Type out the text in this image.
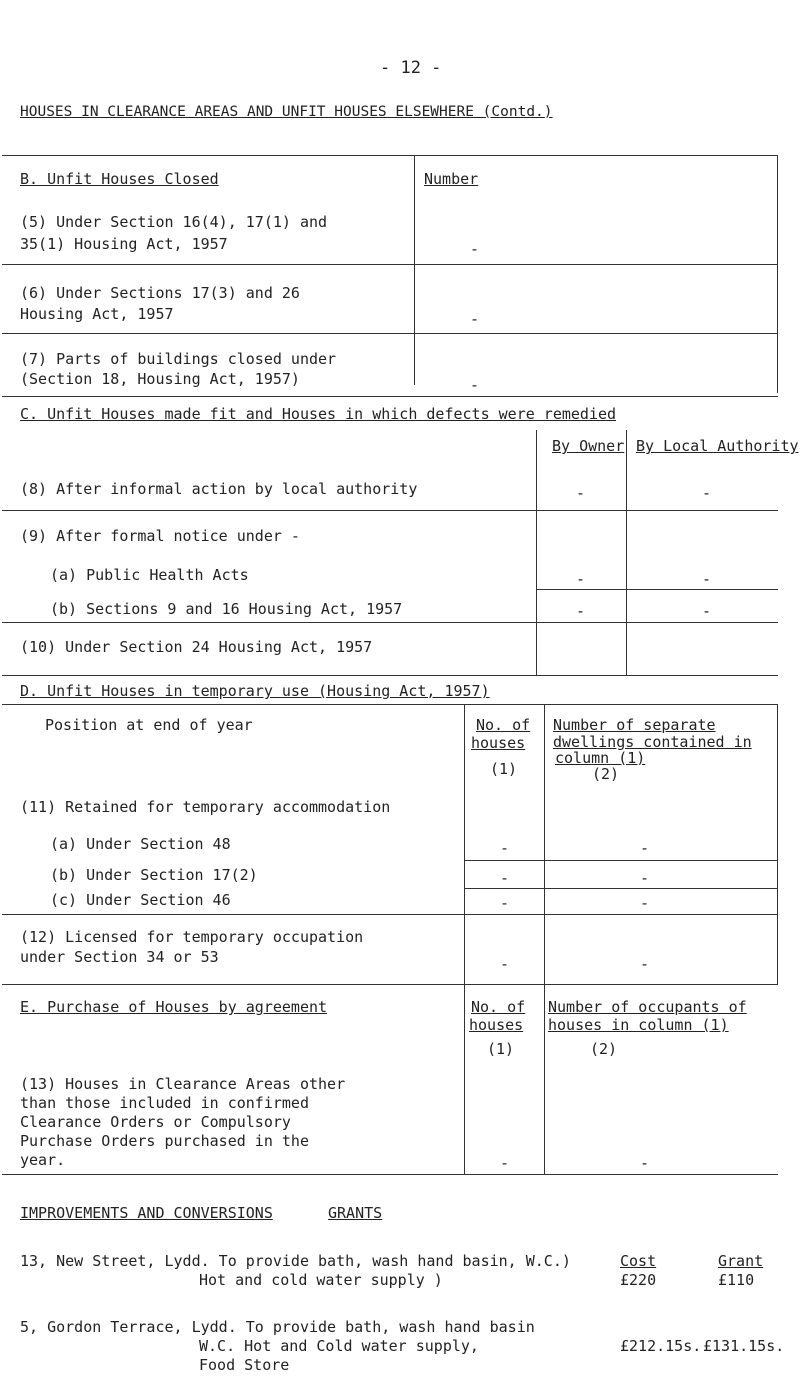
- 12 -
HOUSES IN CLEARANCE AREAS AND UNFIT HOUSES ELSEWHERE (Contd.)
B. Unfit Houses Closed	Number
(5) Under Section 16(4), 17(1) and
35(1) Housing Act, 1957	-
(6) Under Sections 17(3) and 26
Housing Act, 1957	-
(7) Parts of buildings closed under
(Section 18, Housing Act, 1957)	-
C. Unfit Houses made fit and Houses in which defects were remedied
By Owner By Local Authority
(8) After informal action by local authority	-	-
(9) After formal notice under -
(a) Public Health Acts	-	-
(b) Sections 9 and 16 Housing Act, 1957	-	-
(10) Under Section 24 Housing Act, 1957
D. Unfit Houses in temporary use (Housing Act, 1957)
Position at end of year	No. of
houses
(1)
Number of separate
dwellings contained in
column (1)
(2)
(11) Retained for temporary accommodation
(a) Under Section 48	-	-
(b) Under Section 17(2)	-	-
(c) Under Section 46	-	-
(12) Licensed for temporary occupation
under Section 34 or 53	-	-
E. Purchase of Houses by agreement	No. of
houses
(1)
Number of occupants of
houses in column (1)
(2)
(13) Houses in Clearance Areas other
than those included in confirmed
Clearance Orders or Compulsory
Purchase Orders purchased in the
year.	-	-
IMPROVEMENTS AND CONVERSIONS	GRANTS
13, New Street, Lydd. To provide bath, wash hand basin, W.C.)
Hot and cold water supply )
Cost	Grant
£220	£110
5, Gordon Terrace, Lydd. To provide bath, wash hand basin
W.C. Hot and Cold water supply,
Food Store
£212.15s. £131.15s.
